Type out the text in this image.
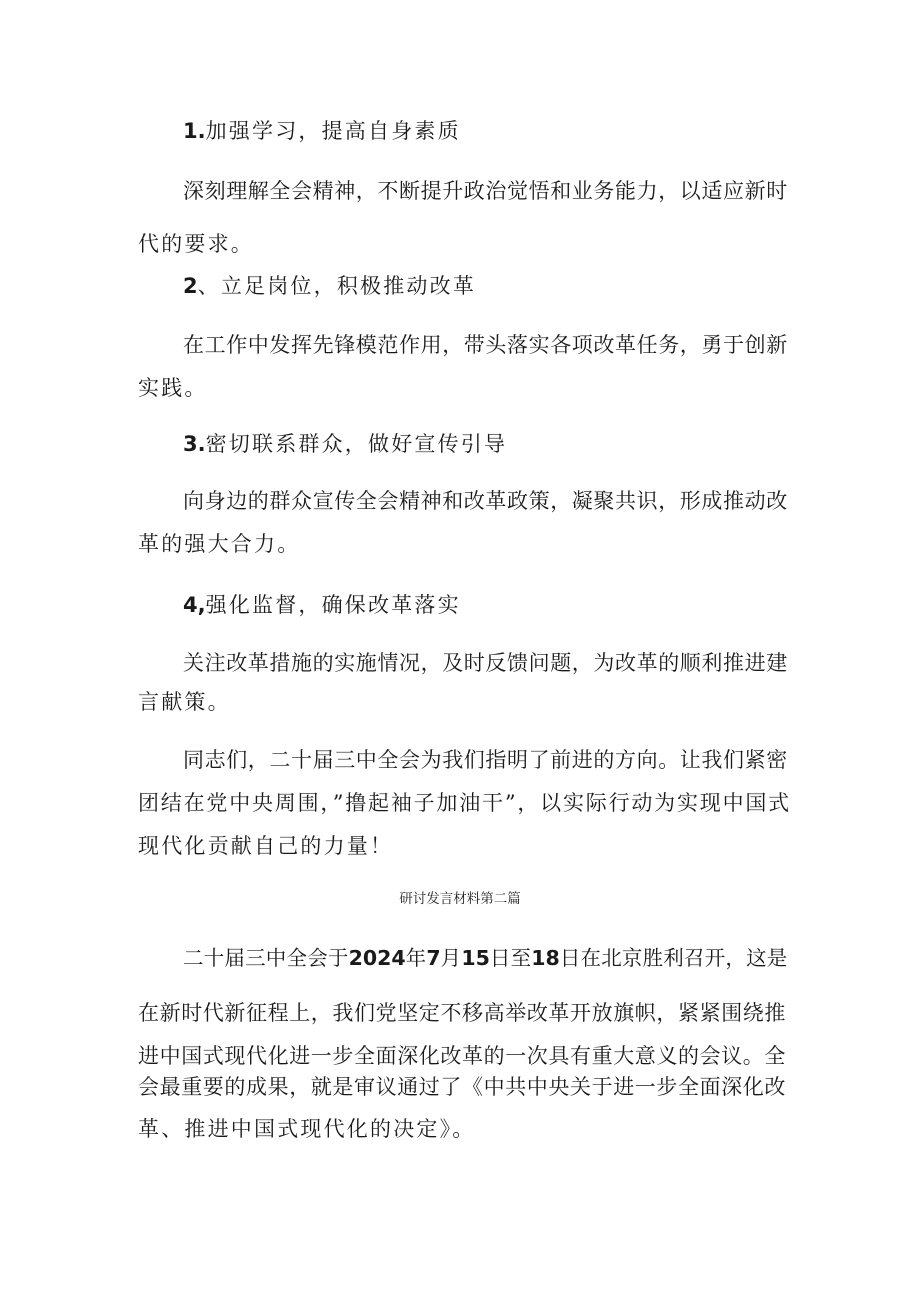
1.加强学习，提高自身素质
深刻理解全会精神，不断提升政治觉悟和业务能力，以适应新时
代的要求。
2、立足岗位，积极推动改革
在工作中发挥先锋模范作用，带头落实各项改革任务，勇于创新
实践。
3.密切联系群众，做好宣传引导
向身边的群众宣传全会精神和改革政策，凝聚共识，形成推动改
革的强大合力。
4,强化监督，确保改革落实
关注改革措施的实施情况，及时反馈问题，为改革的顺利推进建
言献策。
同志们，二十届三中全会为我们指明了前进的方向。让我们紧密
团结在党中央周围，”撸起袖子加油干”，以实际行动为实现中国式
现代化贡献自己的力量！
研讨发言材料第二篇
二十届三中全会于2024年7月15日至18日在北京胜利召开，这是
在新时代新征程上，我们党坚定不移高举改革开放旗帜，紧紧围绕推
进中国式现代化进一步全面深化改革的一次具有重大意义的会议。全
会最重要的成果，就是审议通过了《中共中央关于进一步全面深化改
革、推进中国式现代化的决定》。
